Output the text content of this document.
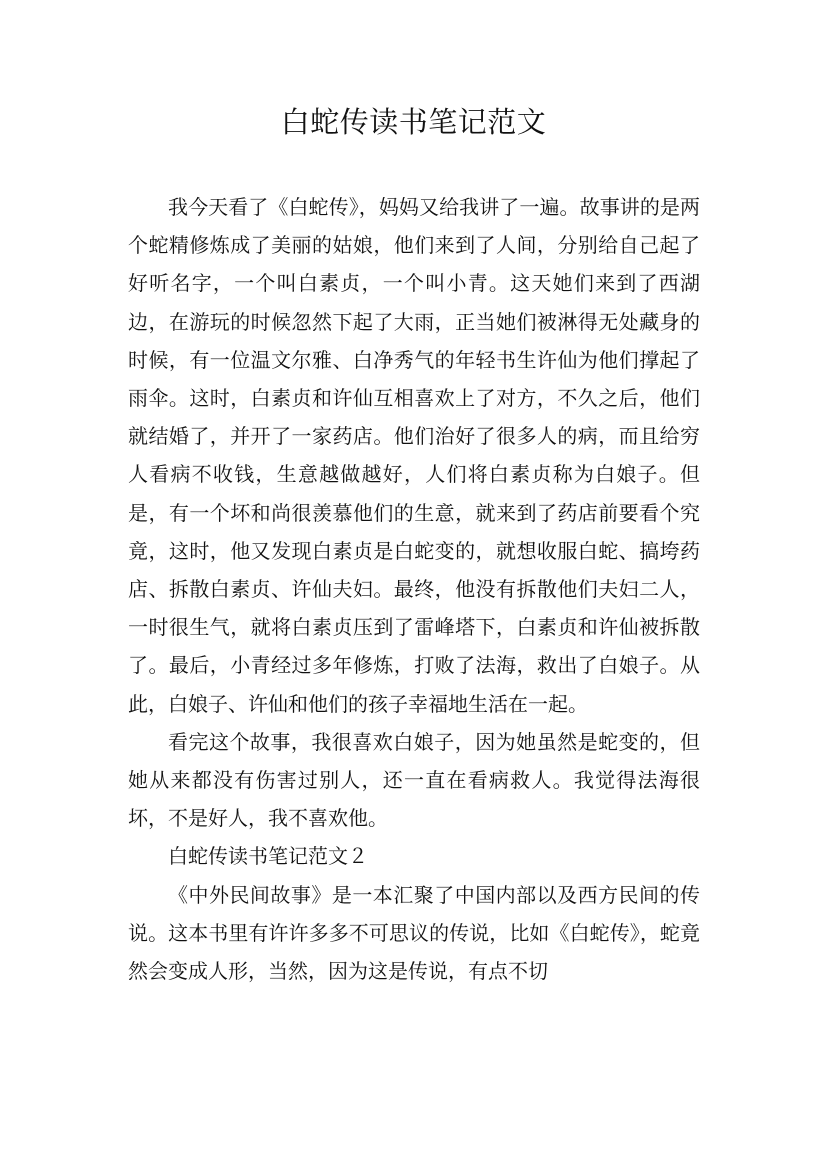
白蛇传读书笔记范文

我今天看了《白蛇传》，妈妈又给我讲了一遍。故事讲的是两个蛇精修炼成了美丽的姑娘，他们来到了人间，分别给自己起了好听名字，一个叫白素贞，一个叫小青。这天她们来到了西湖边，在游玩的时候忽然下起了大雨，正当她们被淋得无处藏身的时候，有一位温文尔雅、白净秀气的年轻书生许仙为他们撑起了雨伞。这时，白素贞和许仙互相喜欢上了对方，不久之后，他们就结婚了，并开了一家药店。他们治好了很多人的病，而且给穷人看病不收钱，生意越做越好，人们将白素贞称为白娘子。但是，有一个坏和尚很羡慕他们的生意，就来到了药店前要看个究竟，这时，他又发现白素贞是白蛇变的，就想收服白蛇、搞垮药店、拆散白素贞、许仙夫妇。最终，他没有拆散他们夫妇二人，一时很生气，就将白素贞压到了雷峰塔下，白素贞和许仙被拆散了。最后，小青经过多年修炼，打败了法海，救出了白娘子。从此，白娘子、许仙和他们的孩子幸福地生活在一起。

看完这个故事，我很喜欢白娘子，因为她虽然是蛇变的，但她从来都没有伤害过别人，还一直在看病救人。我觉得法海很坏，不是好人，我不喜欢他。

白蛇传读书笔记范文２

《中外民间故事》是一本汇聚了中国内部以及西方民间的传说。这本书里有许许多多不可思议的传说，比如《白蛇传》，蛇竟然会变成人形，当然，因为这是传说，有点不切
